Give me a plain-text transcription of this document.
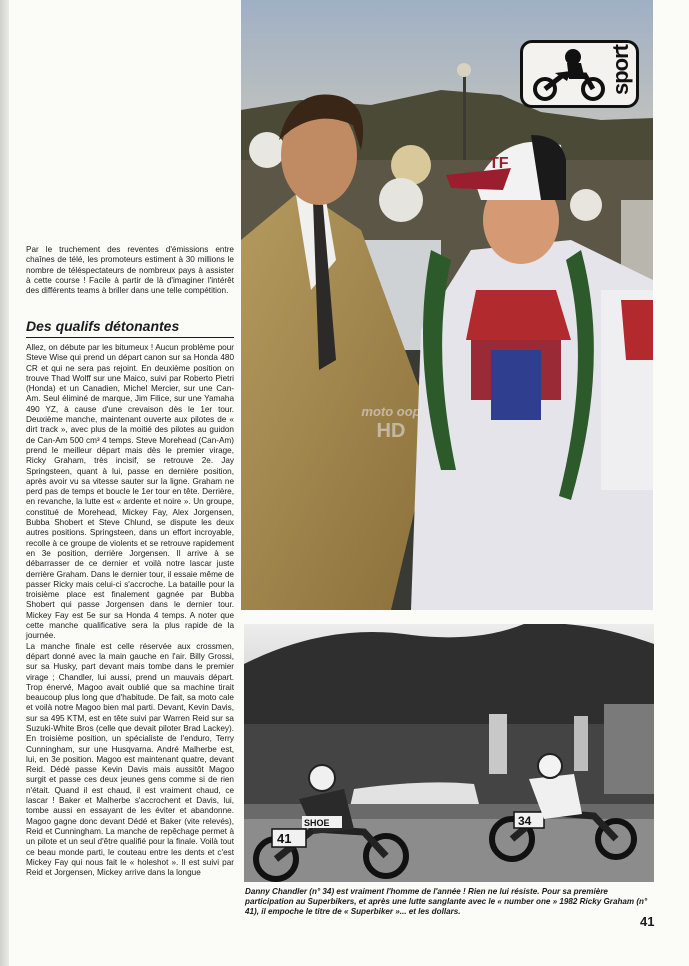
Par le truchement des reventes d'émissions entre chaînes de télé, les promoteurs estiment à 30 millions le nombre de téléspectateurs de nombreux pays à assister à cette course ! Facile à partir de là d'imaginer l'intérêt des différents teams à briller dans une telle compétition.

Des qualifs détonantes

Allez, on débute par les bitumeux ! Aucun problème pour Steve Wise qui prend un départ canon sur sa Honda 480 CR et qui ne sera pas rejoint. En deuxième position on trouve Thad Wolff sur une Maico, suivi par Roberto Pietri (Honda) et un Canadien, Michel Mercier, sur une Can-Am. Seul éliminé de marque, Jim Filice, sur une Yamaha 490 YZ, à cause d'une crevaison dès le 1er tour. Deuxième manche, maintenant ouverte aux pilotes de « dirt track », avec plus de la moitié des pilotes au guidon de Can-Am 500 cm³ 4 temps. Steve Morehead (Can-Am) prend le meilleur départ mais dès le premier virage, Ricky Graham, très incisif, se retrouve 2e. Jay Springsteen, quant à lui, passe en dernière position, après avoir vu sa vitesse sauter sur la ligne. Graham ne perd pas de temps et boucle le 1er tour en tête. Derrière, en revanche, la lutte est « ardente et noire ». Un groupe, constitué de Morehead, Mickey Fay, Alex Jorgensen, Bubba Shobert et Steve Chlund, se dispute les deux autres positions. Springsteen, dans un effort incroyable, recolle à ce groupe de violents et se retrouve rapidement en 3e position, derrière Jorgensen. Il arrive à se débarrasser de ce dernier et voilà notre lascar juste derrière Graham. Dans le dernier tour, il essaie même de passer Ricky mais celui-ci s'accroche. La bataille pour la troisième place est finalement gagnée par Bubba Shobert qui passe Jorgensen dans le dernier tour. Mickey Fay est 5e sur sa Honda 4 temps. A noter que cette manche qualificative sera la plus rapide de la journée.

La manche finale est celle réservée aux crossmen, départ donné avec la main gauche en l'air. Billy Grossi, sur sa Husky, part devant mais tombe dans le premier virage ; Chandler, lui aussi, prend un mauvais départ. Trop énervé, Magoo avait oublié que sa machine tirait beaucoup plus long que d'habitude. De fait, sa moto cale et voilà notre Magoo bien mal parti. Devant, Kevin Davis, sur sa 495 KTM, est en tête suivi par Warren Reid sur sa Suzuki-White Bros (celle que devait piloter Brad Lackey). En troisième position, un spécialiste de l'enduro, Terry Cunningham, sur une Husqvarna. André Malherbe est, lui, en 3e position. Magoo est maintenant quatre, devant Reid. Dédé passe Kevin Davis mais aussitôt Magoo surgit et passe ces deux jeunes gens comme si de rien n'était. Quand il est chaud, il est vraiment chaud, ce lascar ! Baker et Malherbe s'accrochent et Davis, lui, tombe aussi en essayant de les éviter et abandonne. Magoo gagne donc devant Dédé et Baker (vite relevés), Reid et Cunningham. La manche de repêchage permet à un pilote et un seul d'être qualifié pour la finale. Voilà tout ce beau monde parti, le couteau entre les dents et c'est Mickey Fay qui nous fait le « holeshot ». Il est suivi par Reid et Jorgensen, Mickey arrive dans la longue

TF
sport
moto oop
HD
41
SHOE	34
Danny Chandler (n° 34) est vraiment l'homme de l'année ! Rien ne lui résiste. Pour sa première participation au Superbikers, et après une lutte sanglante avec le « number one » 1982 Ricky Graham (n° 41), il empoche le titre de « Superbiker »... et les dollars.
41
